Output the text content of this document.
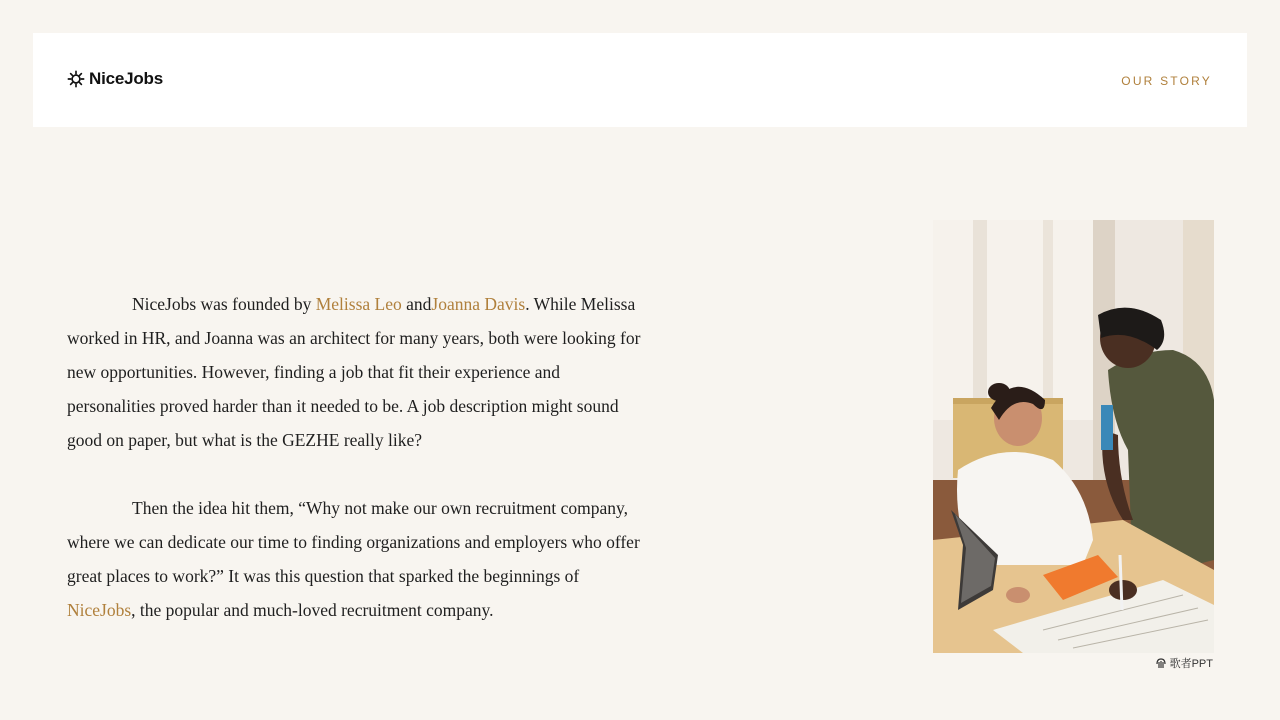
NiceJobs	OUR STORY

NiceJobs was founded by Melissa Leo andJoanna Davis. While Melissa worked in HR, and Joanna was an architect for many years, both were looking for new opportunities. However, finding a job that fit their experience and personalities proved harder than it needed to be. A job description might sound good on paper, but what is the GEZHE really like?

Then the idea hit them, “Why not make our own recruitment company, where we can dedicate our time to finding organizations and employers who offer great places to work?” It was this question that sparked the beginnings of NiceJobs, the popular and much-loved recruitment company.

歌者PPT
